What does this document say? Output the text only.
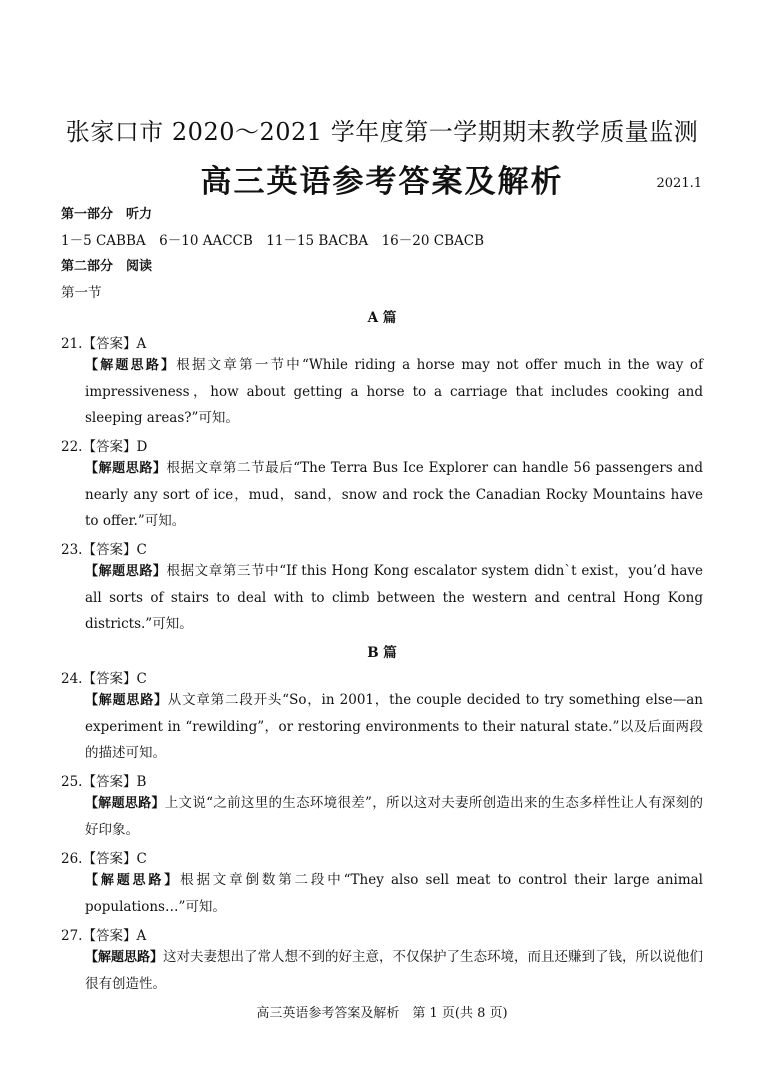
张家口市 2020～2021 学年度第一学期期末教学质量监测
高三英语参考答案及解析	2021.1
第一部分　听力
1－5 CABBA　6－10 AACCB　11－15 BACBA　16－20 CBACB
第二部分　阅读
第一节
A 篇
21.【答案】A
【解题思路】根据文章第一节中“While riding a horse may not offer much in the way of impressiveness，how about getting a horse to a carriage that includes cooking and sleeping areas?”可知。
22.【答案】D
【解题思路】根据文章第二节最后“The Terra Bus Ice Explorer can handle 56 passengers and nearly any sort of ice，mud，sand，snow and rock the Canadian Rocky Mountains have to offer.”可知。
23.【答案】C
【解题思路】根据文章第三节中“If this Hong Kong escalator system didn`t exist，you’d have all sorts of stairs to deal with to climb between the western and central Hong Kong districts.”可知。
B 篇
24.【答案】C
【解题思路】从文章第二段开头“So，in 2001，the couple decided to try something else—an experiment in “rewilding”，or restoring environments to their natural state.”以及后面两段的描述可知。
25.【答案】B
【解题思路】上文说“之前这里的生态环境很差”，所以这对夫妻所创造出来的生态多样性让人有深刻的好印象。
26.【答案】C
【解题思路】根据文章倒数第二段中“They also sell meat to control their large animal populations…”可知。
27.【答案】A
【解题思路】这对夫妻想出了常人想不到的好主意，不仅保护了生态环境，而且还赚到了钱，所以说他们很有创造性。
高三英语参考答案及解析　第 1 页(共 8 页)
